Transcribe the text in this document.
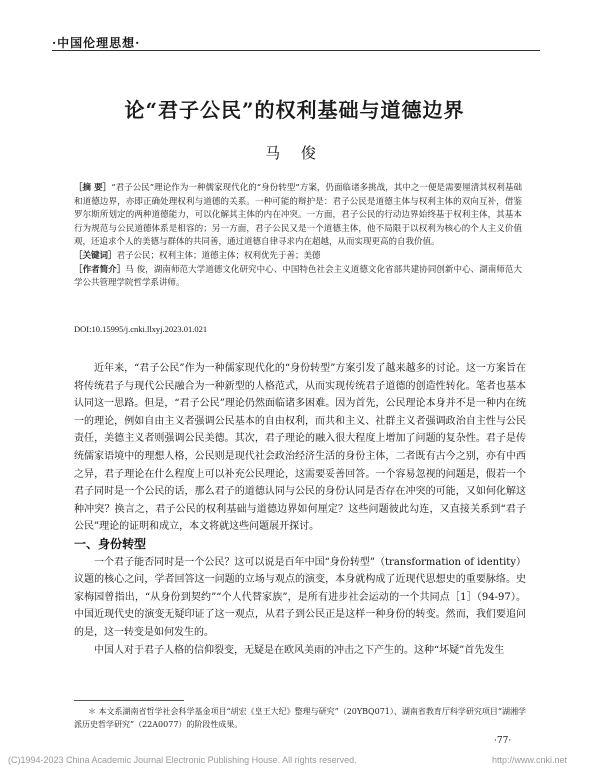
·中国伦理思想·
论“君子公民”的权利基础与道德边界
马 俊

［摘 要］“君子公民”理论作为一种儒家现代化的“身份转型”方案，仍面临诸多挑战，其中之一便是需要厘清其权利基础和道德边界，亦即正确处理权利与道德的关系。一种可能的辩护是：君子公民是道德主体与权利主体的双向互补，借鉴罗尔斯所划定的两种道德能力，可以化解其主体的内在冲突。一方面，君子公民的行动边界始终基于权利主体，其基本行为规范与公民道德体系是相容的；另一方面，君子公民又是一个道德主体，他不局限于以权利为核心的个人主义价值观，还追求个人的美德与群体的共同善，通过道德自律寻求内在超越，从而实现更高的自我价值。

［关键词］君子公民；权利主体；道德主体；权利优先于善；美德

［作者简介］马 俊，湖南师范大学道德文化研究中心、中国特色社会主义道德文化省部共建协同创新中心、湖南师范大学公共管理学院哲学系讲师。

DOI:10.15995/j.cnki.llxyj.2023.01.021

近年来，“君子公民”作为一种儒家现代化的“身份转型”方案引发了越来越多的讨论。这一方案旨在将传统君子与现代公民融合为一种新型的人格范式，从而实现传统君子道德的创造性转化。笔者也基本认同这一思路。但是，“君子公民”理论仍然面临诸多困难。因为首先，公民理论本身并不是一种内在统一的理论，例如自由主义者强调公民基本的自由权利，而共和主义、社群主义者强调政治自主性与公民责任，美德主义者则强调公民美德。其次，君子理论的融入很大程度上增加了问题的复杂性。君子是传统儒家语境中的理想人格，公民则是现代社会政治经济生活的身份主体，二者既有古今之别，亦有中西之异，君子理论在什么程度上可以补充公民理论，这需要妥善回答。一个容易忽视的问题是，假若一个君子同时是一个公民的话，那么君子的道德认同与公民的身份认同是否存在冲突的可能，又如何化解这种冲突？换言之，君子公民的权利基础与道德边界如何厘定？这些问题彼此勾连，又直接关系到“君子公民”理论的证明和成立，本文将就这些问题展开探讨。

一、身份转型

一个君子能否同时是一个公民？这可以说是百年中国“身份转型”（transformation of identity）议题的核心之问，学者回答这一问题的立场与观点的演变，本身就构成了近现代思想史的重要脉络。史家梅园曾指出，“从身份到契约”“个人代替家族”，是所有进步社会运动的一个共同点［1］（94-97）。中国近现代史的演变无疑印证了这一观点，从君子到公民正是这样一种身份的转变。然而，我们要追问的是，这一转变是如何发生的。

中国人对于君子人格的信仰裂变，无疑是在欧风美雨的冲击之下产生的。这种“坏疑”首先发生

＊ 本文系湖南省哲学社会科学基金项目“胡宏《皇王大纪》整理与研究”（20YBQ071）、湖南省教育厅科学研究项目“湖湘学派历史哲学研究”（22A0077）的阶段性成果。
·77·
(C)1994-2023 China Academic Journal Electronic Publishing House. All rights reserved.	http://www.cnki.net
